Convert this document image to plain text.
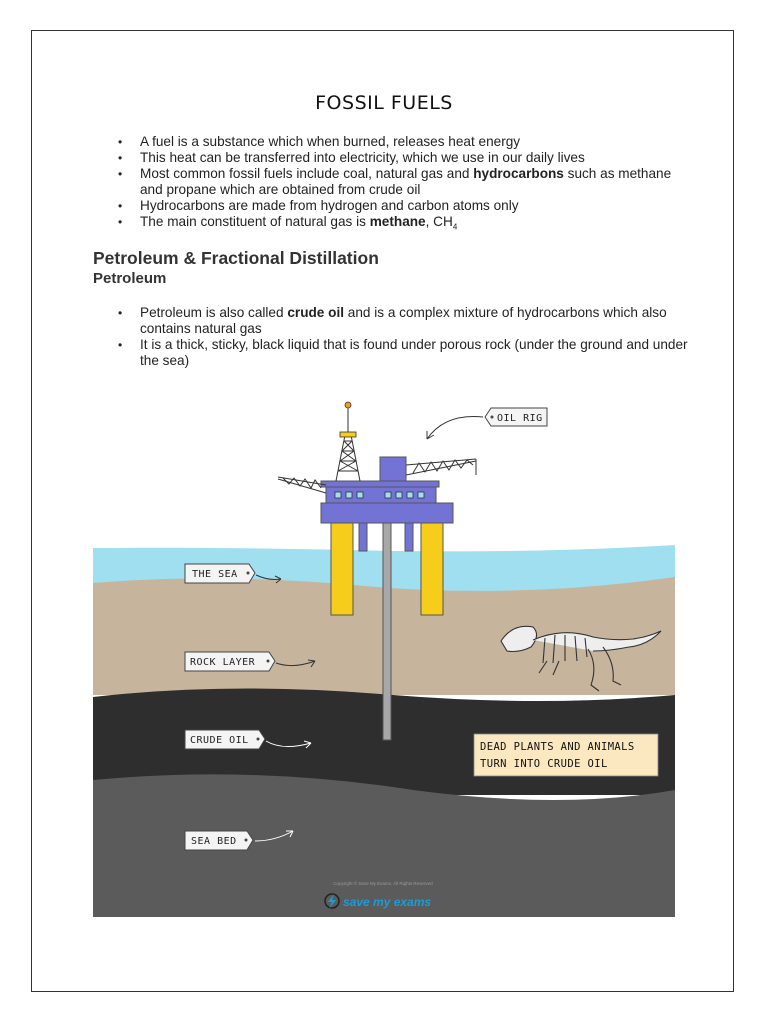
FOSSIL FUELS
• A fuel is a substance which when burned, releases heat energy
• This heat can be transferred into electricity, which we use in our daily lives
• Most common fossil fuels include coal, natural gas and hydrocarbons such as methane and propane which are obtained from crude oil
• Hydrocarbons are made from hydrogen and carbon atoms only
• The main constituent of natural gas is methane, $CH_4$
Petroleum & Fractional Distillation
Petroleum
• Petroleum is also called crude oil and is a complex mixture of hydrocarbons which also contains natural gas
• It is a thick, sticky, black liquid that is found under porous rock (under the ground and under the sea)
OIL RIG
THE SEA
ROCK LAYER
CRUDE OIL
SEA BED
DEAD PLANTS AND ANIMALS
TURN INTO CRUDE OIL
Copyright © Save My Exams. All Rights Reserved
save my exams
